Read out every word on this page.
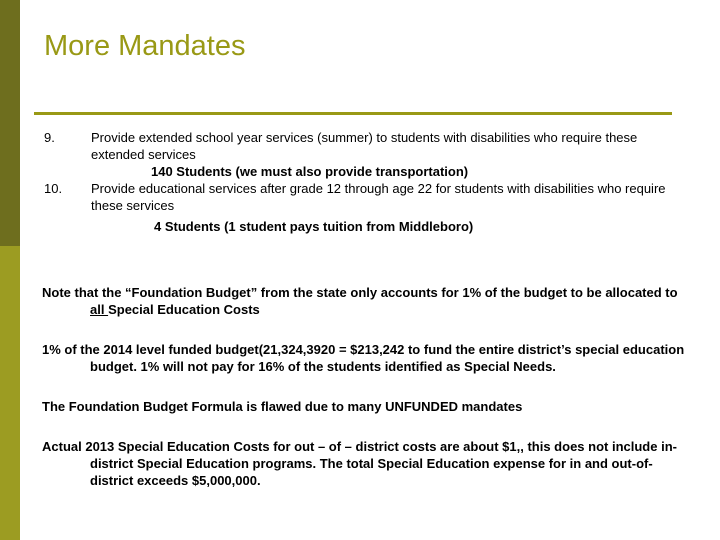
More Mandates
9.	Provide extended school year services (summer) to students with disabilities who require these extended services
140 Students (we must also provide transportation)
10. Provide educational services after grade 12 through age 22 for students with disabilities who require these services
4 Students (1 student pays tuition from Middleboro)

Note that the “Foundation Budget” from the state only accounts for 1% of the budget to be allocated to all Special Education Costs

1% of the 2014 level funded budget(21,324,3920 = $213,242 to fund the entire district’s special education budget. 1% will not pay for 16% of the students identified as Special Needs.

The Foundation Budget Formula is flawed due to many UNFUNDED mandates

Actual 2013 Special Education Costs for out – of – district costs are about $1,, this does not include in-district Special Education programs. The total Special Education expense for in and out-of-district exceeds $5,000,000.
